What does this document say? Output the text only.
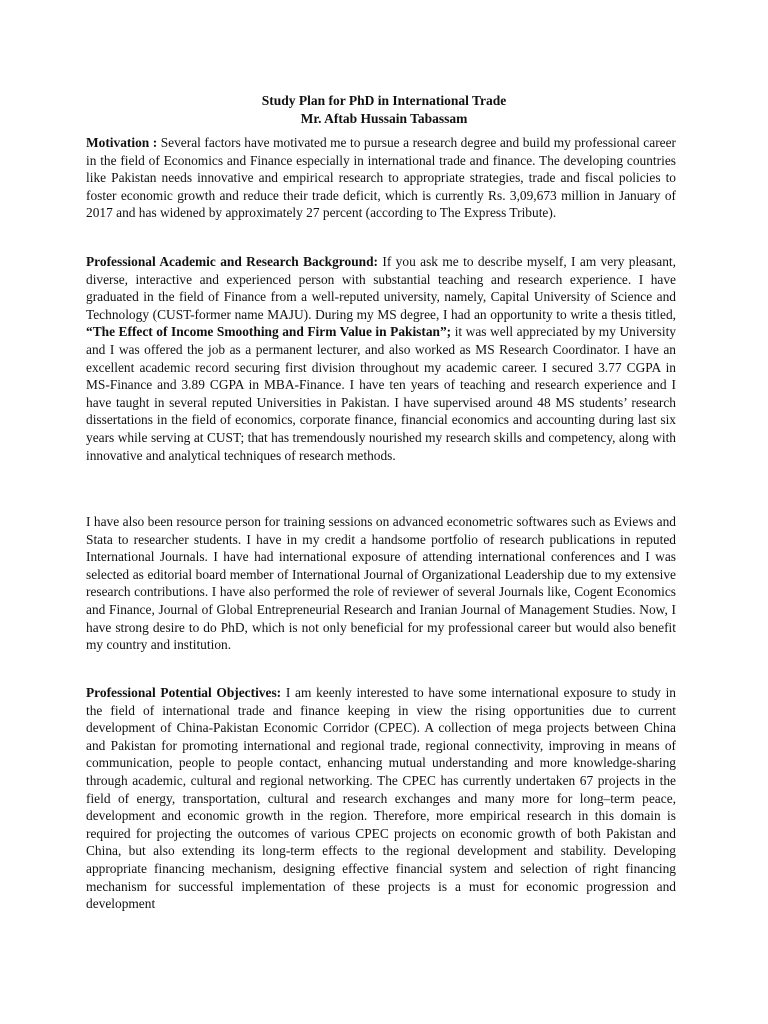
Study Plan for PhD in International Trade

Mr. Aftab Hussain Tabassam

Motivation : Several factors have motivated me to pursue a research degree and build my professional career in the field of Economics and Finance especially in international trade and finance. The developing countries like Pakistan needs innovative and empirical research to appropriate strategies, trade and fiscal policies to foster economic growth and reduce their trade deficit, which is currently Rs. 3,09,673 million in January of 2017 and has widened by approximately 27 percent (according to The Express Tribute).

Professional Academic and Research Background: If you ask me to describe myself, I am very pleasant, diverse, interactive and experienced person with substantial teaching and research experience. I have graduated in the field of Finance from a well-reputed university, namely, Capital University of Science and Technology (CUST-former name MAJU). During my MS degree, I had an opportunity to write a thesis titled, “The Effect of Income Smoothing and Firm Value in Pakistan”; it was well appreciated by my University and I was offered the job as a permanent lecturer, and also worked as MS Research Coordinator. I have an excellent academic record securing first division throughout my academic career. I secured 3.77 CGPA in MS-Finance and 3.89 CGPA in MBA-Finance. I have ten years of teaching and research experience and I have taught in several reputed Universities in Pakistan. I have supervised around 48 MS students’ research dissertations in the field of economics, corporate finance, financial economics and accounting during last six years while serving at CUST; that has tremendously nourished my research skills and competency, along with innovative and analytical techniques of research methods.

I have also been resource person for training sessions on advanced econometric softwares such as Eviews and Stata to researcher students. I have in my credit a handsome portfolio of research publications in reputed International Journals. I have had international exposure of attending international conferences and I was selected as editorial board member of International Journal of Organizational Leadership due to my extensive research contributions. I have also performed the role of reviewer of several Journals like, Cogent Economics and Finance, Journal of Global Entrepreneurial Research and Iranian Journal of Management Studies. Now, I have strong desire to do PhD, which is not only beneficial for my professional career but would also benefit my country and institution.

Professional Potential Objectives: I am keenly interested to have some international exposure to study in the field of international trade and finance keeping in view the rising opportunities due to current development of China-Pakistan Economic Corridor (CPEC). A collection of mega projects between China and Pakistan for promoting international and regional trade, regional connectivity, improving in means of communication, people to people contact, enhancing mutual understanding and more knowledge-sharing through academic, cultural and regional networking. The CPEC has currently undertaken 67 projects in the field of energy, transportation, cultural and research exchanges and many more for long–term peace, development and economic growth in the region. Therefore, more empirical research in this domain is required for projecting the outcomes of various CPEC projects on economic growth of both Pakistan and China, but also extending its long-term effects to the regional development and stability. Developing appropriate financing mechanism, designing effective financial system and selection of right financing mechanism for successful implementation of these projects is a must for economic progression and development
